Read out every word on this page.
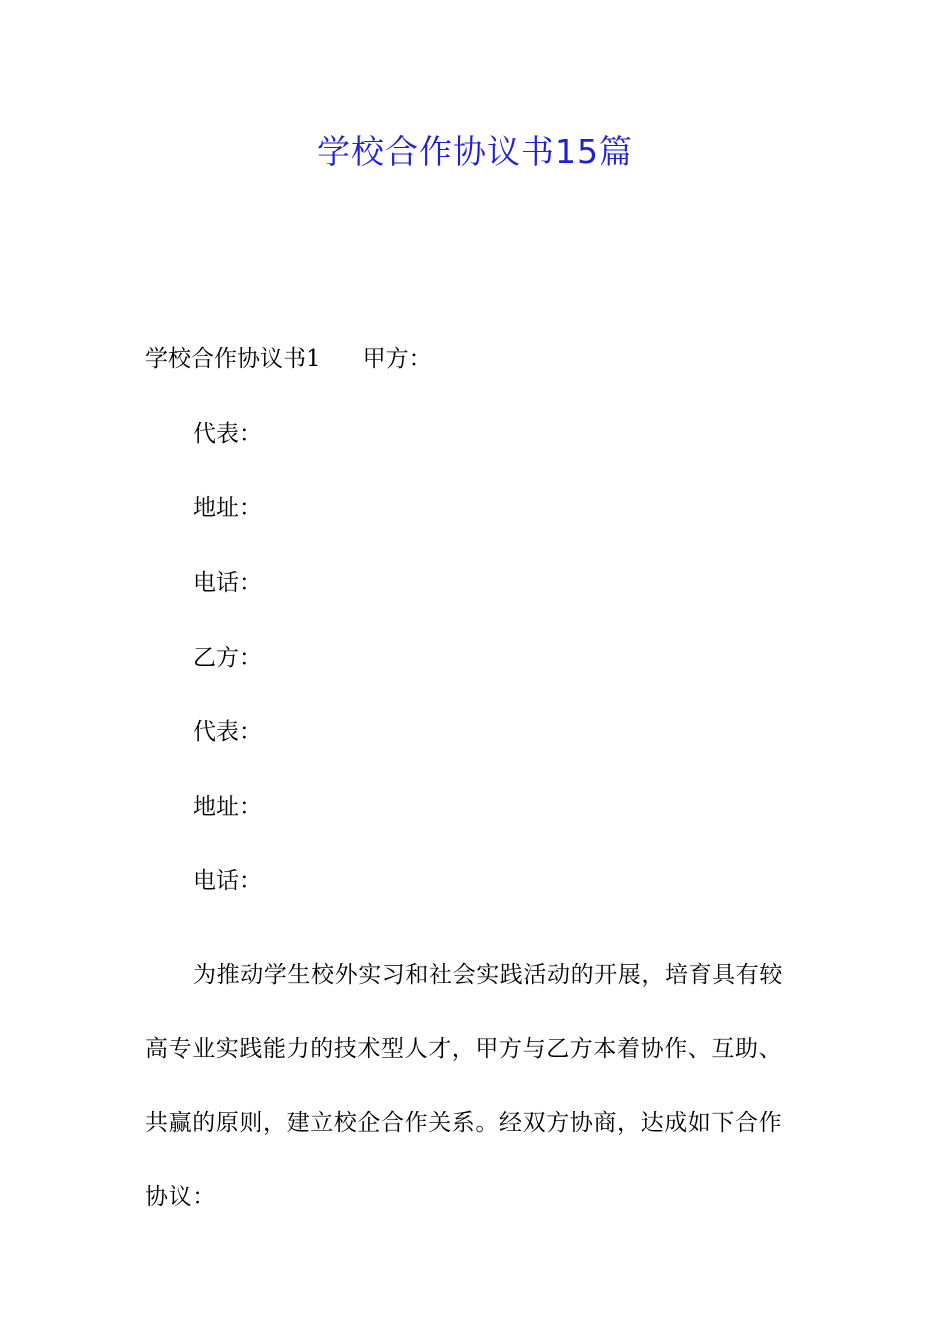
学校合作协议书15篇
学校合作协议书1 甲方：
代表：
地址：
电话：
乙方：
代表：
地址：
电话：

为推动学生校外实习和社会实践活动的开展，培育具有较高专业实践能力的技术型人才，甲方与乙方本着协作、互助、共赢的原则，建立校企合作关系。经双方协商，达成如下合作协议：
